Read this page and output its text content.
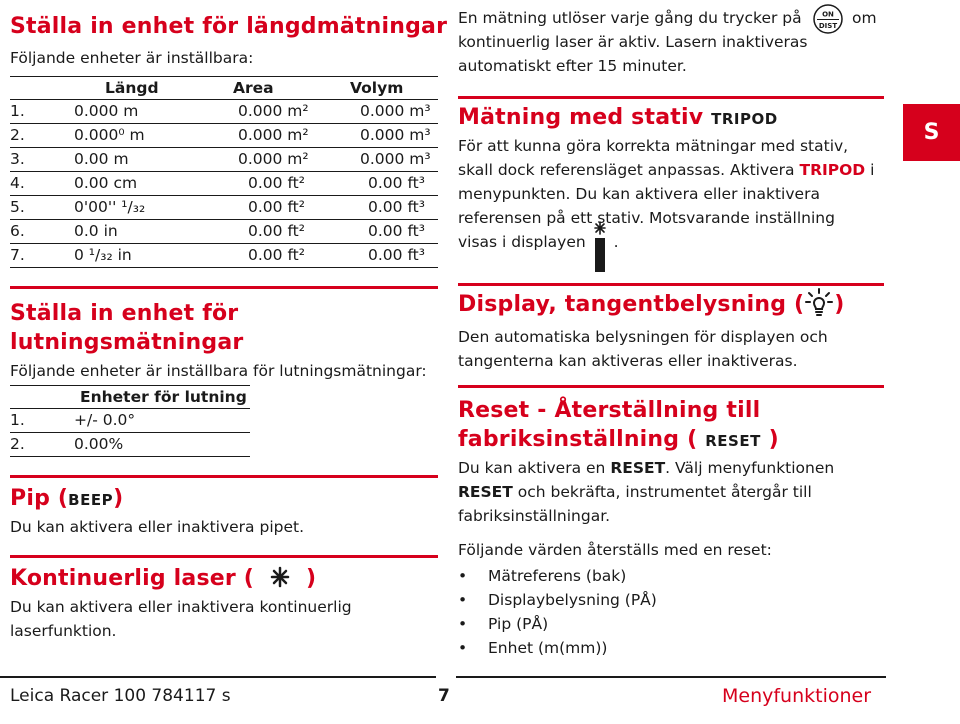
Ställa in enhet för längdmätningar
Följande enheter är inställbara:
Längd	Area	Volym
1.	0.000 m	0.000 m²	0.000 m³
2.	0.000⁰ m	0.000 m²	0.000 m³
3.	0.00 m	0.000 m²	0.000 m³
4.	0.00 cm	0.00 ft²	0.00 ft³
5.	0'00'' ¹/₃₂	0.00 ft²	0.00 ft³
6.	0.0 in	0.00 ft²	0.00 ft³
7.	0 ¹/₃₂ in	0.00 ft²	0.00 ft³
Ställa in enhet för
lutningsmätningar
Följande enheter är inställbara för lutningsmätningar:
Enheter för lutning
1.	+/- 0.0°
2.	0.00%
Pip (BEEP)
Du kan aktivera eller inaktivera pipet.
Kontinuerlig laser ( )
Du kan aktivera eller inaktivera kontinuerlig
laserfunktion.
En mätning utlöser varje gång du trycker på	ON
DIST om
kontinuerlig laser är aktiv. Lasern inaktiveras
automatiskt efter 15 minuter.
Mätning med stativ TRIPOD
För att kunna göra korrekta mätningar med stativ,
skall dock referensläget anpassas. Aktivera TRIPOD i
menypunkten. Du kan aktivera eller inaktivera
referensen på ett stativ. Motsvarande inställning
visas i displayen .
Display, tangentbelysning ( )
Den automatiska belysningen för displayen och
tangenterna kan aktiveras eller inaktiveras.
Reset - Återställning till
fabriksinställning ( RESET )
Du kan aktivera en RESET. Välj menyfunktionen
RESET och bekräfta, instrumentet återgår till
fabriksinställningar.
Följande värden återställs med en reset:
• Mätreferens (bak)
• Displaybelysning (PÅ)
• Pip (PÅ)
• Enhet (m(mm))
S
Leica Racer 100 784117 s	7	Menyfunktioner
